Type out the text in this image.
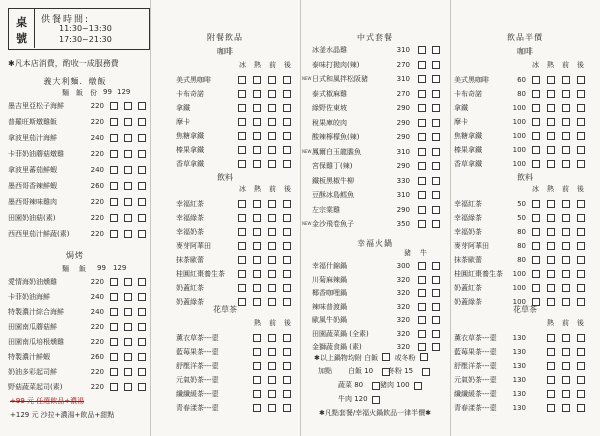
桌
號
供餐時間:
11:30~13:30
17:30~21:30
✱凡本店消費，酌收一成服務費
義大利麵．燉飯
麵 飯 份 99 129
墨吉里亞松子海鮮	220
普羅旺斯燉雞飯	220
拿波里茄汁海鮮	240
卡菲奶油蘑菇燉雞	220
拿波里蕃茄鮮蝦	240
墨西哥香辣鮮蝦	260
墨西哥辣味雞肉	220
田園奶油菇(素)	220
西西里茄汁鮮蔬(素)	220
焗烤
麵 飯 99 129
愛情海奶油燻雞	220
卡菲奶油海鮮	240
特製濃汁綜合海鮮	240
田園南瓜蘑菇鮮	220
田園南瓜培根燻雞	220
特製濃汁鮮蝦	260
奶油多彩起司鮮	220
野菇蔬菜起司(素)	220
+99 元 任選飲品+濃湯
+129 元 沙拉+濃湯+飲品+甜點
附餐飲品
咖啡
冰 熱 前 後
美式黑咖啡
卡布奇諾
拿鐵
摩卡
焦糖拿鐵
榛果拿鐵
香草拿鐵
飲料
冰 熱 前 後
幸福紅茶
幸福綠茶
幸福奶茶
麥芽阿華田
抹茶歐蕾
桂圓紅棗養生茶
奶蓋紅茶
奶蓋綠茶
花草茶
熱 前 後
薰衣草茶---壺
藍莓果茶---壺
舒壓洋茶---壺
元氣奶茶---壺
纖纖緩茶---壺
青春漾茶---壺
中式套餐
冰釜水晶雞	310
泰味打拋肉(辣)	270
NEW 日式和風拌松阪豬	310
泰式椒麻雞	270
綠野佐東坡	290
稅果庫皎肉	290
酸辣檸檬魚(辣)	290
NEW 鳳爾白玉龍膽魚	310
宮保雞丁(辣)	290
鐵板黑椒牛柳	330
豆酥冰島鱈魚	310
左宗棠雞	290
NEW 金沙飛卷魚子	350
幸福火鍋
豬 牛
幸福什錦鍋	300
川菊麻辣鍋	320
椰香咖哩鍋	320
辣味普渡鍋	320
歐風牛奶鍋	320
田園蔬菜鍋 (全素)	320
金獅蔬食鍋 (素)	320
✱以上鍋物均附 白飯 或冬粉
加點 白飯 10 冬粉 15
蔬菜 80 豬肉 100
牛肉 120
✱凡點套餐/幸福火鍋飲品一律半價✱
飲品半價
咖啡
冰 熱 前 後
美式黑咖啡	60
卡布奇諾	80
拿鐵	100
摩卡	100
焦糖拿鐵	100
榛果拿鐵	100
香草拿鐵	100
飲料
冰 熱 前 後
幸福紅茶	50
幸福綠茶	50
幸福奶茶	80
麥芽阿華田	80
抹茶歐蕾	80
桂圓紅棗養生茶	100
奶蓋紅茶	100
奶蓋綠茶	100
花草茶
熱 前 後
薰衣草茶---壺	130
藍莓果茶---壺	130
舒壓洋茶---壺	130
元氣奶茶---壺	130
纖纖緩茶---壺	130
青春漾茶---壺	130
